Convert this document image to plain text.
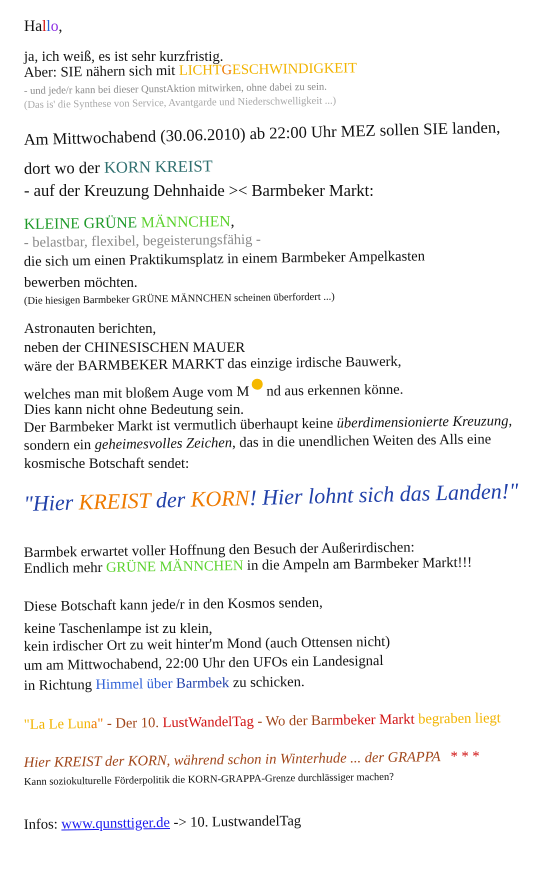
Hallo,
ja, ich weiß, es ist sehr kurzfristig.
Aber: SIE nähern sich mit LICHTGESCHWINDIGKEIT
- und jede/r kann bei dieser QunstAktion mitwirken, ohne dabei zu sein.
(Das is' die Synthese von Service, Avantgarde und Niederschwelligkeit ...)
Am Mittwochabend (30.06.2010) ab 22:00 Uhr MEZ sollen SIE landen,
dort wo der KORN KREIST
- auf der Kreuzung Dehnhaide >< Barmbeker Markt:
KLEINE GRÜNE MÄNNCHEN,
- belastbar, flexibel, begeisterungsfähig -
die sich um einen Praktikumsplatz in einem Barmbeker Ampelkasten
bewerben möchten.
(Die hiesigen Barmbeker GRÜNE MÄNNCHEN scheinen überfordert ...)
Astronauten berichten,
neben der CHINESISCHEN MAUER
wäre der BARMBEKER MARKT das einzige irdische Bauwerk,
welches man mit bloßem Auge vom M nd aus erkennen könne.
Dies kann nicht ohne Bedeutung sein.
Der Barmbeker Markt ist vermutlich überhaupt keine überdimensionierte Kreuzung,
sondern ein geheimesvolles Zeichen, das in die unendlichen Weiten des Alls eine
kosmische Botschaft sendet:
"Hier KREIST der KORN! Hier lohnt sich das Landen!"
Barmbek erwartet voller Hoffnung den Besuch der Außerirdischen:
Endlich mehr GRÜNE MÄNNCHEN in die Ampeln am Barmbeker Markt!!!
Diese Botschaft kann jede/r in den Kosmos senden,
keine Taschenlampe ist zu klein,
kein irdischer Ort zu weit hinter'm Mond (auch Ottensen nicht)
um am Mittwochabend, 22:00 Uhr den UFOs ein Landesignal
in Richtung Himmel über Barmbek zu schicken.
"La Le Luna" - Der 10. LustWandelTag - Wo der Barmbeker Markt begraben liegt
Hier KREIST der KORN, während schon in Winterhude ... der GRAPPA * * *
Kann soziokulturelle Förderpolitik die KORN-GRAPPA-Grenze durchlässiger machen?
Infos: www.qunsttiger.de -> 10. LustwandelTag
